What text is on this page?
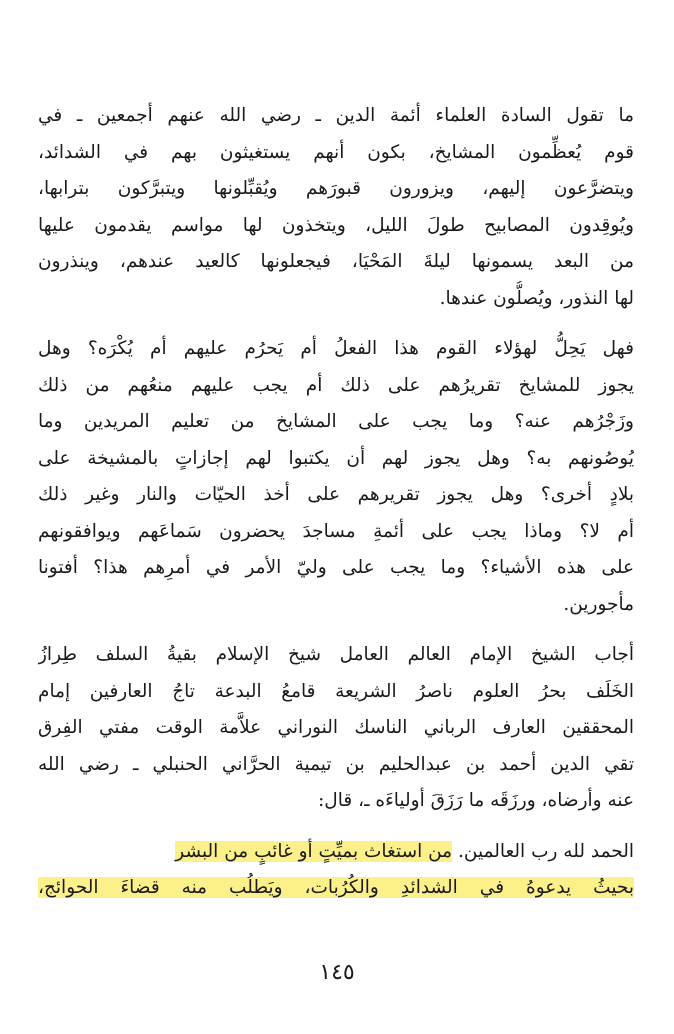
ما تقول السادة العلماء أئمة الدين ـ رضي الله عنهم أجمعين ـ في
قوم يُعظِّمون المشايخ، بكون أنهم يستغيثون بهم في الشدائد،
ويتضرَّعون إليهم، ويزورون قبورَهم ويُقبِّلونها ويتبرَّكون بترابها،
ويُوقِدون المصابيح طولَ الليل، ويتخذون لها مواسم يقدمون عليها
من البعد يسمونها ليلةَ المَحْيَا، فيجعلونها كالعيد عندهم، وينذرون
لها النذور، ويُصلُّون عندها.

فهل يَحِلُّ لهؤلاء القوم هذا الفعلُ أم يَحرُم عليهم أم يُكْرَه؟ وهل
يجوز للمشايخ تقريرُهم على ذلك أم يجب عليهم منعُهم من ذلك
وزَجْرُهم عنه؟ وما يجب على المشايخ من تعليم المريدين وما
يُوصُونهم به؟ وهل يجوز لهم أن يكتبوا لهم إجازاتٍ بالمشيخة على
بلادٍ أخرى؟ وهل يجوز تقريرهم على أخذ الحيّات والنار وغير ذلك
أم لا؟ وماذا يجب على أئمةِ مساجدَ يحضرون سَماعَهم ويوافقونهم
على هذه الأشياء؟ وما يجب على وليّ الأمر في أمرِهم هذا؟ أفتونا
مأجورين.

أجاب الشيخ الإمام العالم العامل شيخ الإسلام بقيةُ السلف طِرازُ
الخَلَف بحرُ العلوم ناصرُ الشريعة قامعُ البدعة تاجُ العارفين إمام
المحققين العارف الرباني الناسك النوراني علاَّمة الوقت مفتي الفِرق
تقي الدين أحمد بن عبدالحليم بن تيمية الحرَّاني الحنبلي ـ رضي الله
عنه وأرضاه، ورزَقَه ما رَزَقَ أولياءَه ـ، قال:

الحمد لله رب العالمين. من استغاث بميِّتٍ أو غائبٍ من البشر
بحيثُ يدعوهُ في الشدائدِ والكُرُبات، ويَطلُب منه قضاءَ الحوائج،

١٤٥
